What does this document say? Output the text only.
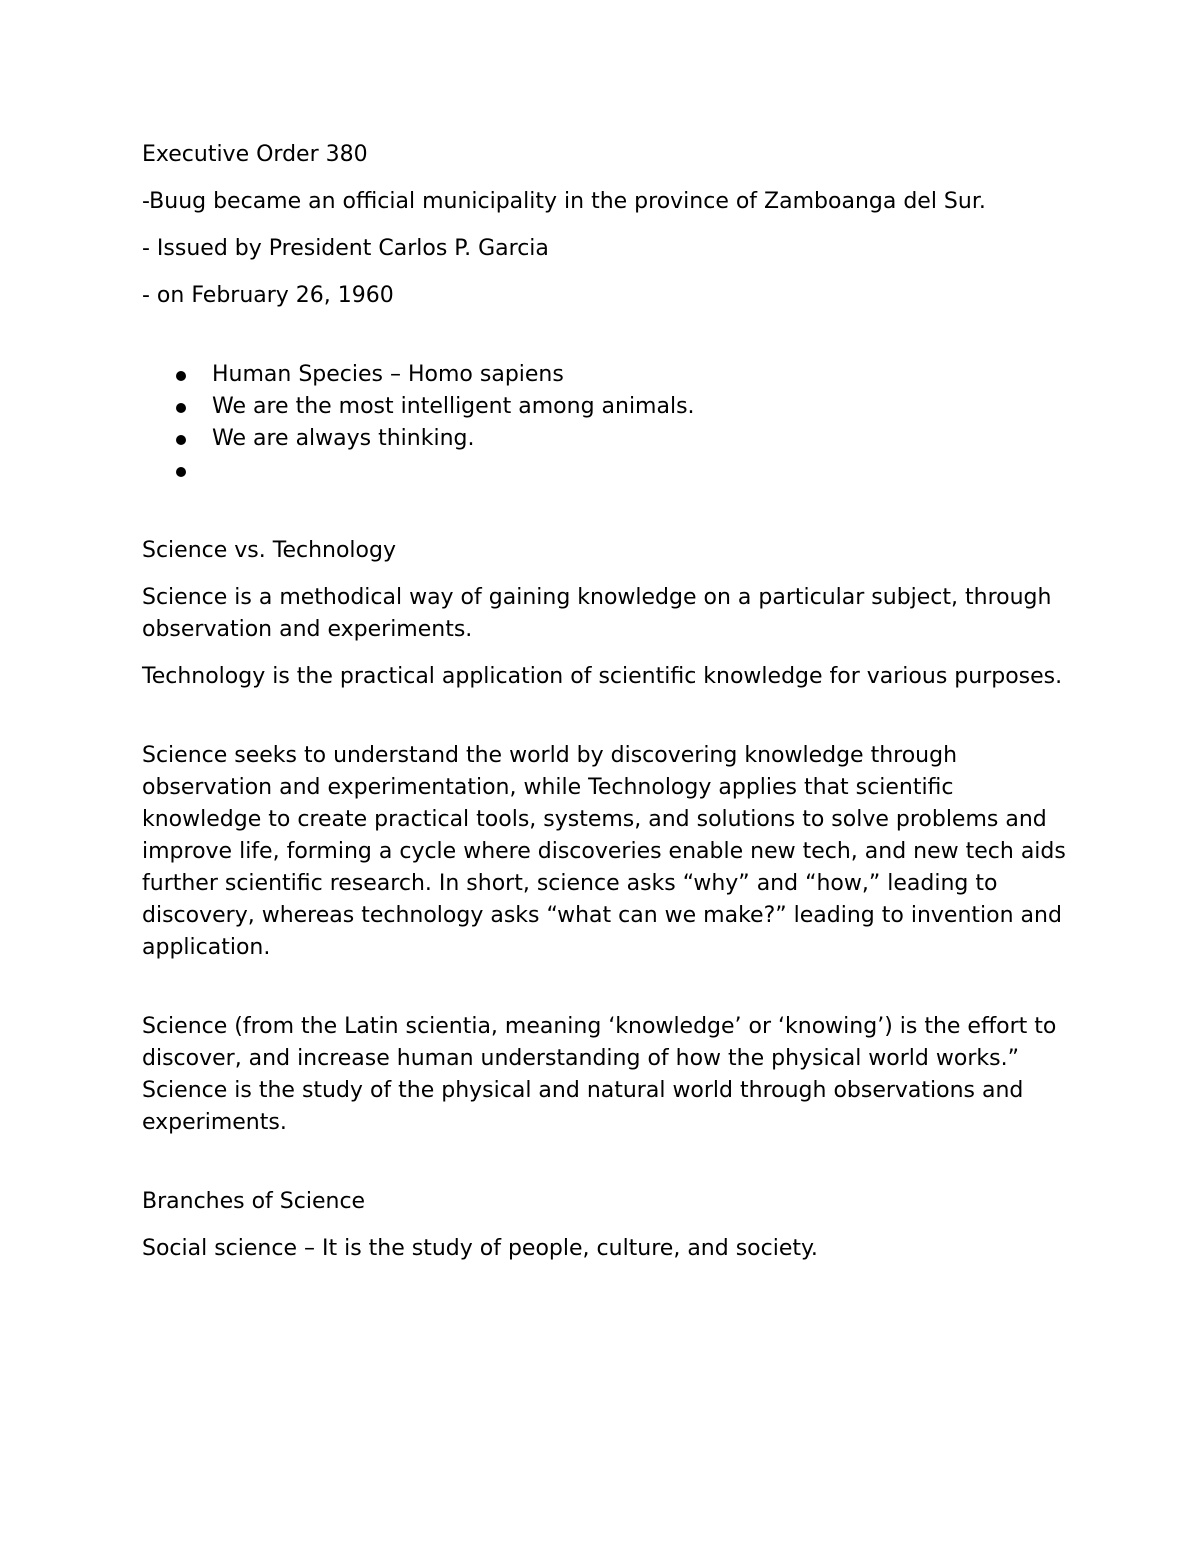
Executive Order 380

-Buug became an official municipality in the province of Zamboanga del Sur.

- Issued by President Carlos P. Garcia

- on February 26, 1960

Human Species – Homo sapiens
We are the most intelligent among animals.
We are always thinking.

Science vs. Technology

Science is a methodical way of gaining knowledge on a particular subject, through observation and experiments.

Technology is the practical application of scientific knowledge for various purposes.

Science seeks to understand the world by discovering knowledge through observation and experimentation, while Technology applies that scientific knowledge to create practical tools, systems, and solutions to solve problems and improve life, forming a cycle where discoveries enable new tech, and new tech aids further scientific research. In short, science asks “why” and “how,” leading to discovery, whereas technology asks “what can we make?” leading to invention and application.

Science (from the Latin scientia, meaning ‘knowledge’ or ‘knowing’) is the effort to discover, and increase human understanding of how the physical world works.” Science is the study of the physical and natural world through observations and experiments.

Branches of Science

Social science – It is the study of people, culture, and society.
